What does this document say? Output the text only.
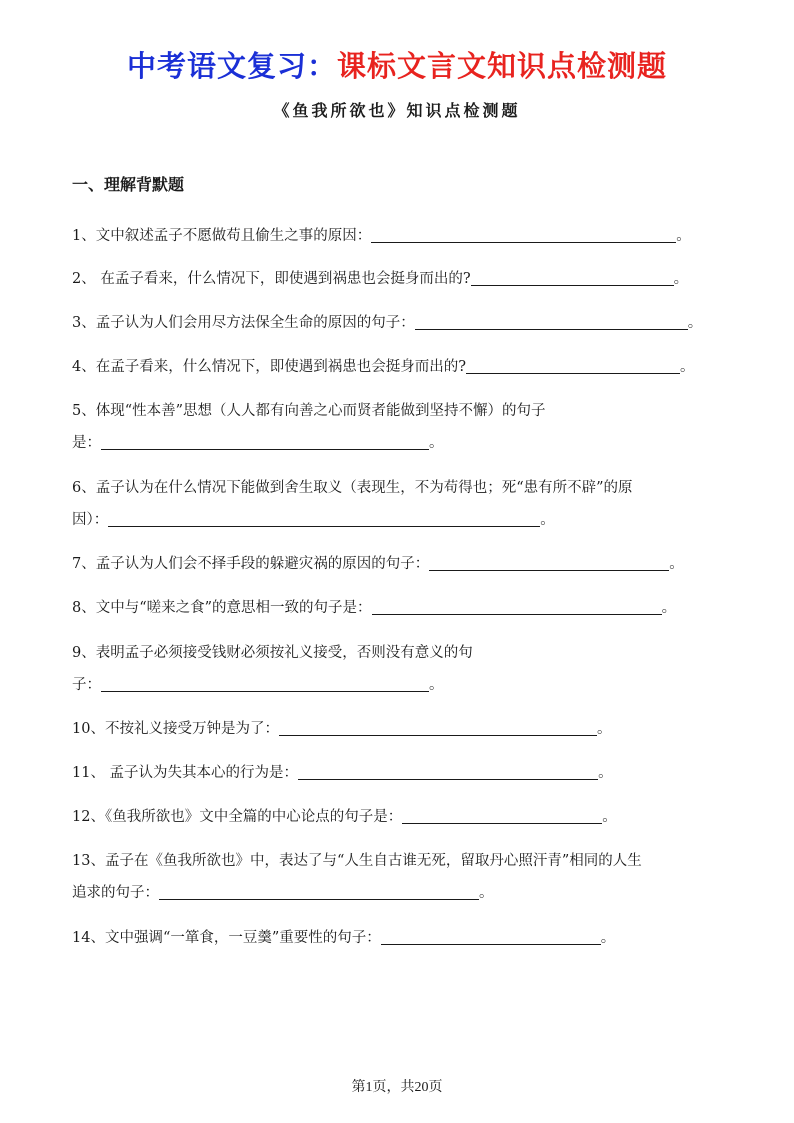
中考语文复习：课标文言文知识点检测题
《鱼我所欲也》知识点检测题
一、理解背默题
1、文中叙述孟子不愿做苟且偷生之事的原因：	。
2、 在孟子看来，什么情况下，即使遇到祸患也会挺身而出的?	。
3、孟子认为人们会用尽方法保全生命的原因的句子：	。
4、在孟子看来，什么情况下，即使遇到祸患也会挺身而出的?	。
5、体现“性本善”思想（人人都有向善之心而贤者能做到坚持不懈）的句子
是：	。
6、孟子认为在什么情况下能做到舍生取义（表现生，不为苟得也；死“患有所不辟”的原
因）：	。
7、孟子认为人们会不择手段的躲避灾祸的原因的句子：	。
8、文中与“嗟来之食”的意思相一致的句子是：	。
9、表明孟子必须接受钱财必须按礼义接受，否则没有意义的句
子：	。
10、不按礼义接受万钟是为了：	。
11、 孟子认为失其本心的行为是：	。
12、《鱼我所欲也》文中全篇的中心论点的句子是：	。
13、孟子在《鱼我所欲也》中，表达了与“人生自古谁无死，留取丹心照汗青”相同的人生
追求的句子：	。
14、文中强调“一箪食，一豆羹”重要性的句子：	。
第1页，共20页
